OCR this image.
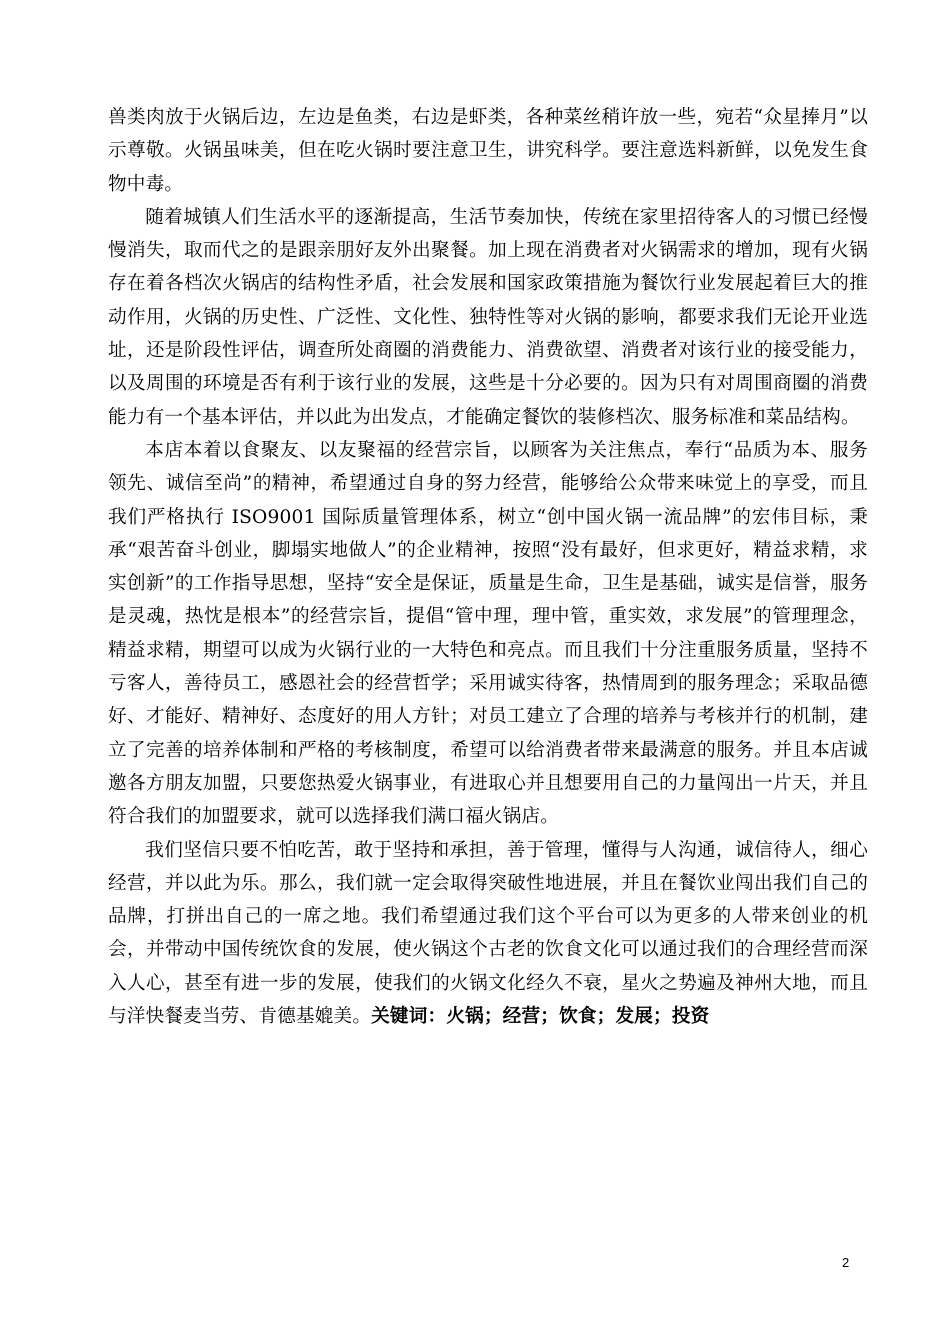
兽类肉放于火锅后边，左边是鱼类，右边是虾类，各种菜丝稍许放一些，宛若“众星捧月”以示尊敬。火锅虽味美，但在吃火锅时要注意卫生，讲究科学。要注意选料新鲜，以免发生食物中毒。

随着城镇人们生活水平的逐渐提高，生活节奏加快，传统在家里招待客人的习惯已经慢慢消失，取而代之的是跟亲朋好友外出聚餐。加上现在消费者对火锅需求的增加，现有火锅存在着各档次火锅店的结构性矛盾，社会发展和国家政策措施为餐饮行业发展起着巨大的推动作用，火锅的历史性、广泛性、文化性、独特性等对火锅的影响，都要求我们无论开业选址，还是阶段性评估，调查所处商圈的消费能力、消费欲望、消费者对该行业的接受能力，以及周围的环境是否有利于该行业的发展，这些是十分必要的。因为只有对周围商圈的消费能力有一个基本评估，并以此为出发点，才能确定餐饮的装修档次、服务标准和菜品结构。

本店本着以食聚友、以友聚福的经营宗旨，以顾客为关注焦点，奉行“品质为本、服务领先、诚信至尚”的精神，希望通过自身的努力经营，能够给公众带来味觉上的享受，而且我们严格执行 ISO9001 国际质量管理体系，树立“创中国火锅一流品牌”的宏伟目标，秉承“艰苦奋斗创业，脚塌实地做人”的企业精神，按照“没有最好，但求更好，精益求精，求实创新”的工作指导思想，坚持“安全是保证，质量是生命，卫生是基础，诚实是信誉，服务是灵魂，热忱是根本”的经营宗旨，提倡“管中理，理中管，重实效，求发展”的管理理念，精益求精，期望可以成为火锅行业的一大特色和亮点。而且我们十分注重服务质量，坚持不亏客人，善待员工，感恩社会的经营哲学；采用诚实待客，热情周到的服务理念；采取品德好、才能好、精神好、态度好的用人方针；对员工建立了合理的培养与考核并行的机制，建立了完善的培养体制和严格的考核制度，希望可以给消费者带来最满意的服务。并且本店诚邀各方朋友加盟，只要您热爱火锅事业，有进取心并且想要用自己的力量闯出一片天，并且符合我们的加盟要求，就可以选择我们满口福火锅店。

我们坚信只要不怕吃苦，敢于坚持和承担，善于管理，懂得与人沟通，诚信待人，细心经营，并以此为乐。那么，我们就一定会取得突破性地进展，并且在餐饮业闯出我们自己的品牌，打拼出自己的一席之地。我们希望通过我们这个平台可以为更多的人带来创业的机会，并带动中国传统饮食的发展，使火锅这个古老的饮食文化可以通过我们的合理经营而深入人心，甚至有进一步的发展，使我们的火锅文化经久不衰，星火之势遍及神州大地，而且与洋快餐麦当劳、肯德基媲美。关键词：火锅；经营；饮食；发展；投资

2
